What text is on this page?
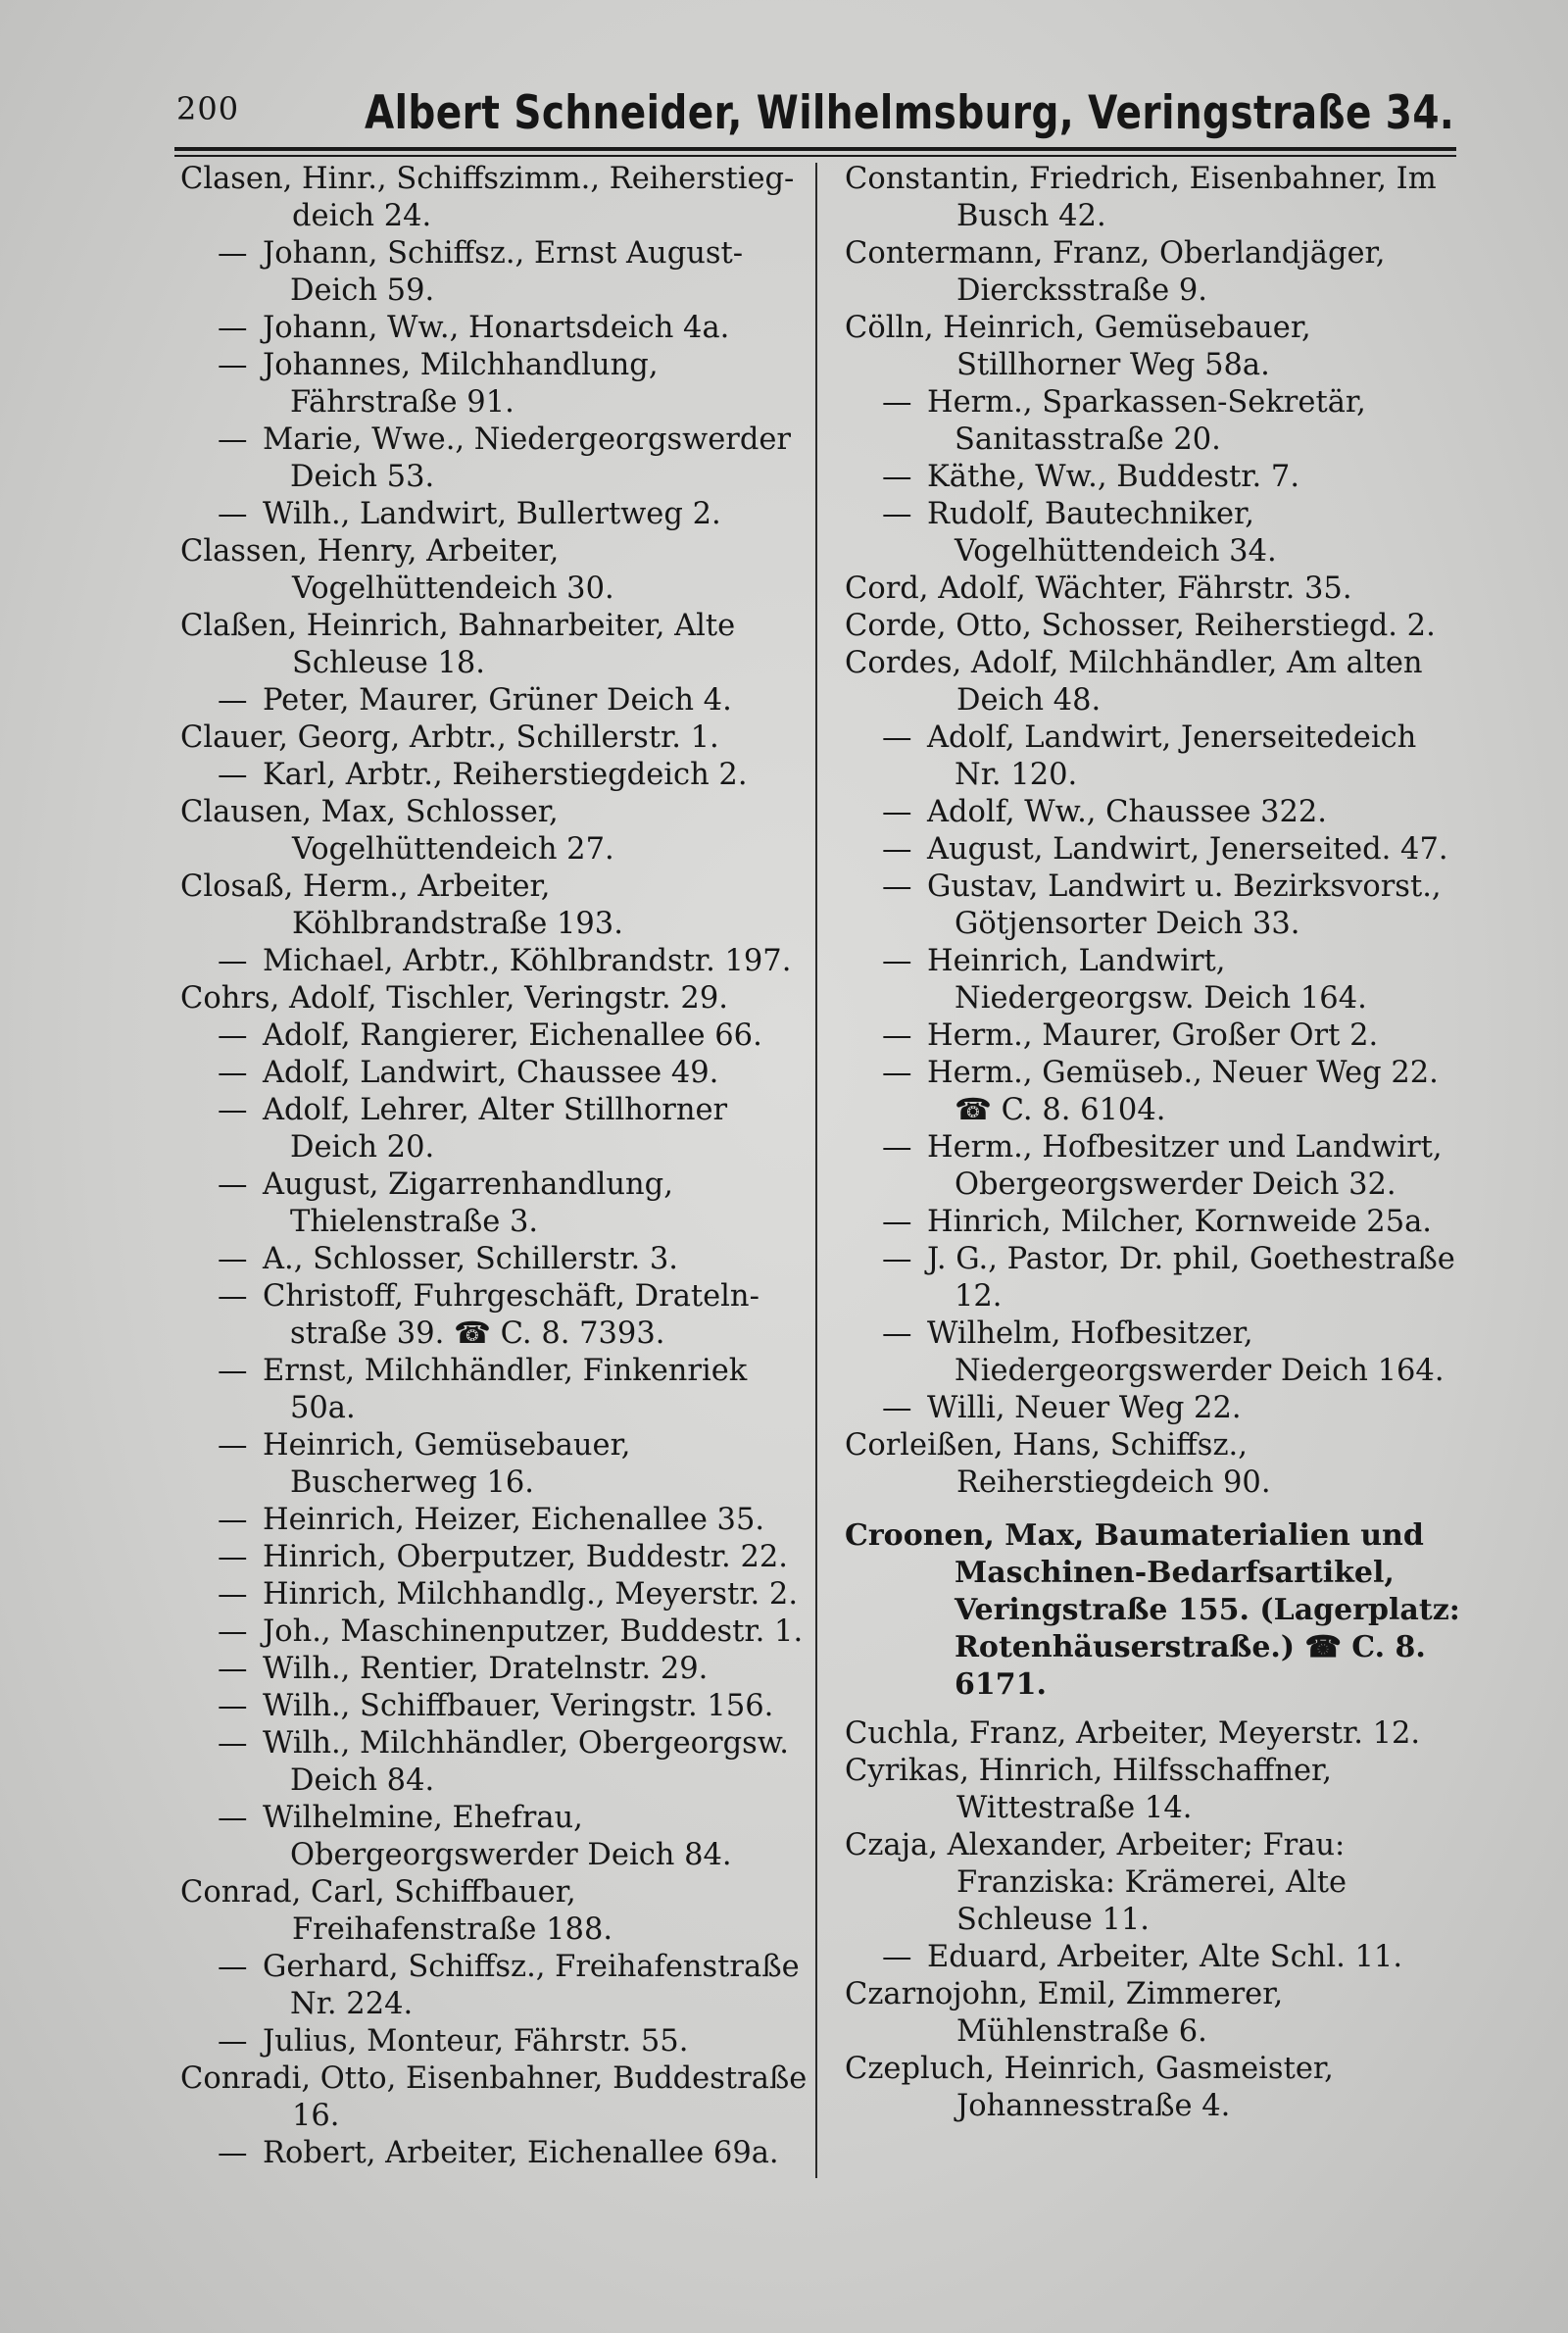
200	Albert Schneider, Wilhelmsburg, Veringstraße 34.
Clasen, Hinr., Schiffszimm., Reiherstieg-deich 24.
— Johann, Schiffsz., Ernst August-Deich 59.
— Johann, Ww., Honartsdeich 4a.
— Johannes, Milchhandlung, Fährstraße 91.
— Marie, Wwe., Niedergeorgswerder Deich 53.
— Wilh., Landwirt, Bullertweg 2.
Classen, Henry, Arbeiter, Vogelhüttendeich 30.
Claßen, Heinrich, Bahnarbeiter, Alte Schleuse 18.
— Peter, Maurer, Grüner Deich 4.
Clauer, Georg, Arbtr., Schillerstr. 1.
— Karl, Arbtr., Reiherstiegdeich 2.
Clausen, Max, Schlosser, Vogelhüttendeich 27.
Closaß, Herm., Arbeiter, Köhlbrandstraße 193.
— Michael, Arbtr., Köhlbrandstr. 197.
Cohrs, Adolf, Tischler, Veringstr. 29.
— Adolf, Rangierer, Eichenallee 66.
— Adolf, Landwirt, Chaussee 49.
— Adolf, Lehrer, Alter Stillhorner Deich 20.
— August, Zigarrenhandlung, Thielenstraße 3.
— A., Schlosser, Schillerstr. 3.
— Christoff, Fuhrgeschäft, Drateln-straße 39. ☎ C. 8. 7393.
— Ernst, Milchhändler, Finkenriek 50a.
— Heinrich, Gemüsebauer, Buscherweg 16.
— Heinrich, Heizer, Eichenallee 35.
— Hinrich, Oberputzer, Buddestr. 22.
— Hinrich, Milchhandlg., Meyerstr. 2.
— Joh., Maschinenputzer, Buddestr. 1.
— Wilh., Rentier, Dratelnstr. 29.
— Wilh., Schiffbauer, Veringstr. 156.
— Wilh., Milchhändler, Obergeorgsw. Deich 84.
— Wilhelmine, Ehefrau, Obergeorgswerder Deich 84.
Conrad, Carl, Schiffbauer, Freihafenstraße 188.
— Gerhard, Schiffsz., Freihafenstraße Nr. 224.
— Julius, Monteur, Fährstr. 55.
Conradi, Otto, Eisenbahner, Buddestraße 16.
— Robert, Arbeiter, Eichenallee 69a.
Constantin, Friedrich, Eisenbahner, Im Busch 42.
Contermann, Franz, Oberlandjäger, Diercksstraße 9.
Cölln, Heinrich, Gemüsebauer, Stillhorner Weg 58a.
— Herm., Sparkassen-Sekretär, Sanitasstraße 20.
— Käthe, Ww., Buddestr. 7.
— Rudolf, Bautechniker, Vogelhüttendeich 34.
Cord, Adolf, Wächter, Fährstr. 35.
Corde, Otto, Schosser, Reiherstiegd. 2.
Cordes, Adolf, Milchhändler, Am alten Deich 48.
— Adolf, Landwirt, Jenerseitedeich Nr. 120.
— Adolf, Ww., Chaussee 322.
— August, Landwirt, Jenerseited. 47.
— Gustav, Landwirt u. Bezirksvorst., Götjensorter Deich 33.
— Heinrich, Landwirt, Niedergeorgsw. Deich 164.
— Herm., Maurer, Großer Ort 2.
— Herm., Gemüseb., Neuer Weg 22. ☎ C. 8. 6104.
— Herm., Hofbesitzer und Landwirt, Obergeorgswerder Deich 32.
— Hinrich, Milcher, Kornweide 25a.
— J. G., Pastor, Dr. phil, Goethestraße 12.
— Wilhelm, Hofbesitzer, Niedergeorgswerder Deich 164.
— Willi, Neuer Weg 22.
Corleißen, Hans, Schiffsz., Reiherstiegdeich 90.
Croonen, Max, Baumaterialien und Maschinen-Bedarfsartikel, Veringstraße 155. (Lagerplatz: Rotenhäuserstraße.) ☎ C. 8. 6171.
Cuchla, Franz, Arbeiter, Meyerstr. 12.
Cyrikas, Hinrich, Hilfsschaffner, Wittestraße 14.
Czaja, Alexander, Arbeiter; Frau: Franziska: Krämerei, Alte Schleuse 11.
— Eduard, Arbeiter, Alte Schl. 11.
Czarnojohn, Emil, Zimmerer, Mühlenstraße 6.
Czepluch, Heinrich, Gasmeister, Johannesstraße 4.
